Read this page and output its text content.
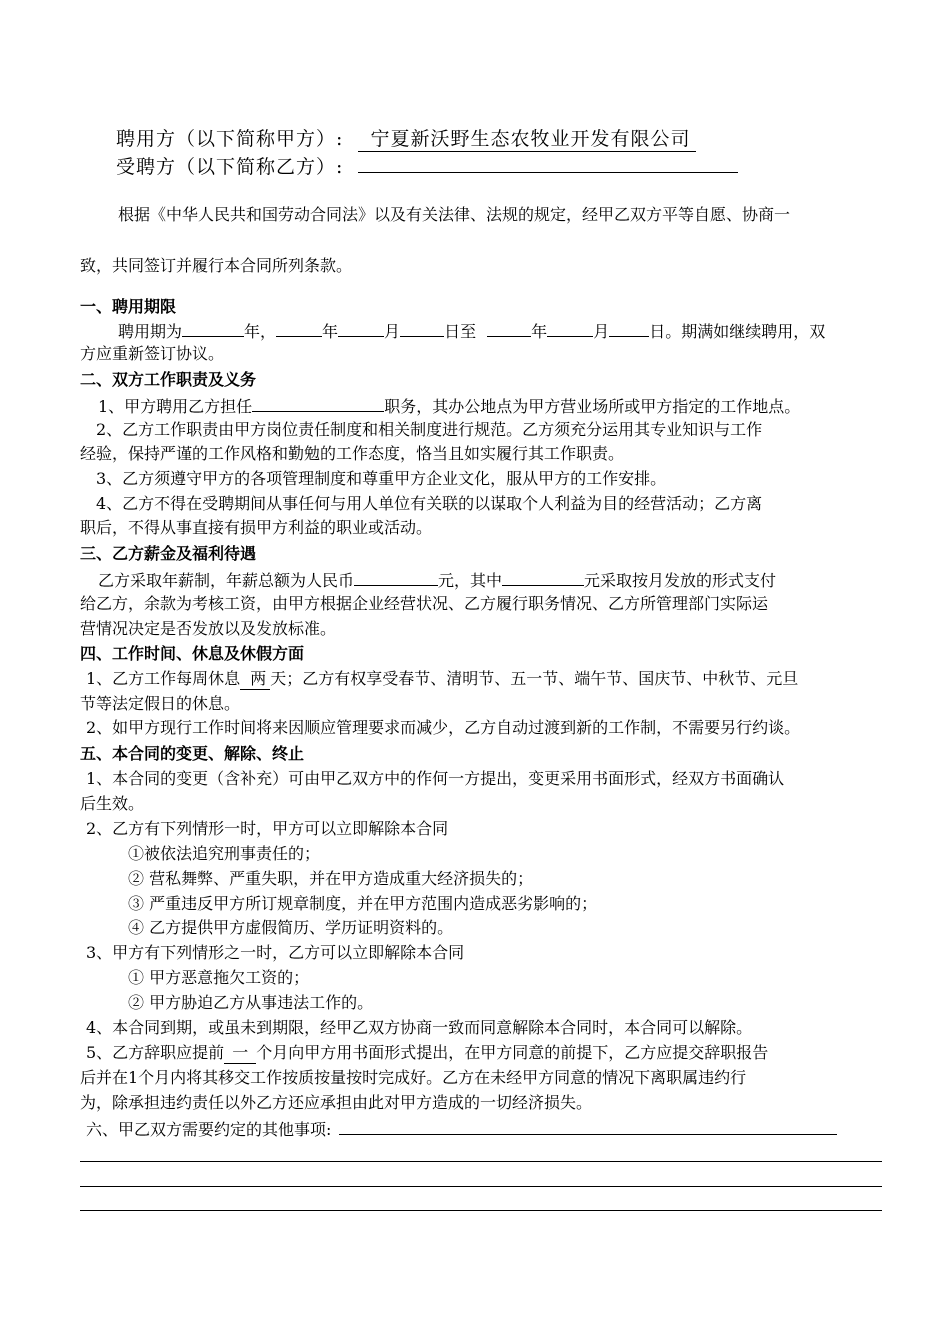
聘用方（以下简称甲方）: 宁夏新沃野生态农牧业开发有限公司
受聘方（以下简称乙方）:
根据《中华人民共和国劳动合同法》以及有关法律、法规的规定，经甲乙双方平等自愿、协商一
致，共同签订并履行本合同所列条款。
一、聘用期限
聘用期为	年，	年	月	日至	年	月	日。期满如继续聘用，双
方应重新签订协议。
二、双方工作职责及义务
1、甲方聘用乙方担任	职务，其办公地点为甲方营业场所或甲方指定的工作地点。
2、乙方工作职责由甲方岗位责任制度和相关制度进行规范。乙方须充分运用其专业知识与工作
经验，保持严谨的工作风格和勤勉的工作态度，恪当且如实履行其工作职责。
3、乙方须遵守甲方的各项管理制度和尊重甲方企业文化，服从甲方的工作安排。
4、乙方不得在受聘期间从事任何与用人单位有关联的以谋取个人利益为目的经营活动；乙方离
职后，不得从事直接有损甲方利益的职业或活动。
三、乙方薪金及福利待遇
乙方采取年薪制，年薪总额为人民币	元，其中	元采取按月发放的形式支付
给乙方，余款为考核工资，由甲方根据企业经营状况、乙方履行职务情况、乙方所管理部门实际运
营情况决定是否发放以及发放标准。
四、工作时间、休息及休假方面
1、乙方工作每周休息 两 天；乙方有权享受春节、清明节、五一节、端午节、国庆节、中秋节、元旦
节等法定假日的休息。
2、如甲方现行工作时间将来因顺应管理要求而减少，乙方自动过渡到新的工作制，不需要另行约谈。
五、本合同的变更、解除、终止
1、本合同的变更（含补充）可由甲乙双方中的作何一方提出，变更采用书面形式，经双方书面确认
后生效。
2、乙方有下列情形一时，甲方可以立即解除本合同
①被依法追究刑事责任的；
② 营私舞弊、严重失职，并在甲方造成重大经济损失的；
③ 严重违反甲方所订规章制度，并在甲方范围内造成恶劣影响的；
④ 乙方提供甲方虚假简历、学历证明资料的。
3、甲方有下列情形之一时，乙方可以立即解除本合同
① 甲方恶意拖欠工资的；
② 甲方胁迫乙方从事违法工作的。
4、本合同到期，或虽未到期限，经甲乙双方协商一致而同意解除本合同时，本合同可以解除。
5、乙方辞职应提前 一 个月向甲方用书面形式提出，在甲方同意的前提下，乙方应提交辞职报告
后并在1个月内将其移交工作按质按量按时完成好。乙方在未经甲方同意的情况下离职属违约行
为，除承担违约责任以外乙方还应承担由此对甲方造成的一切经济损失。
六、甲乙双方需要约定的其他事项:
